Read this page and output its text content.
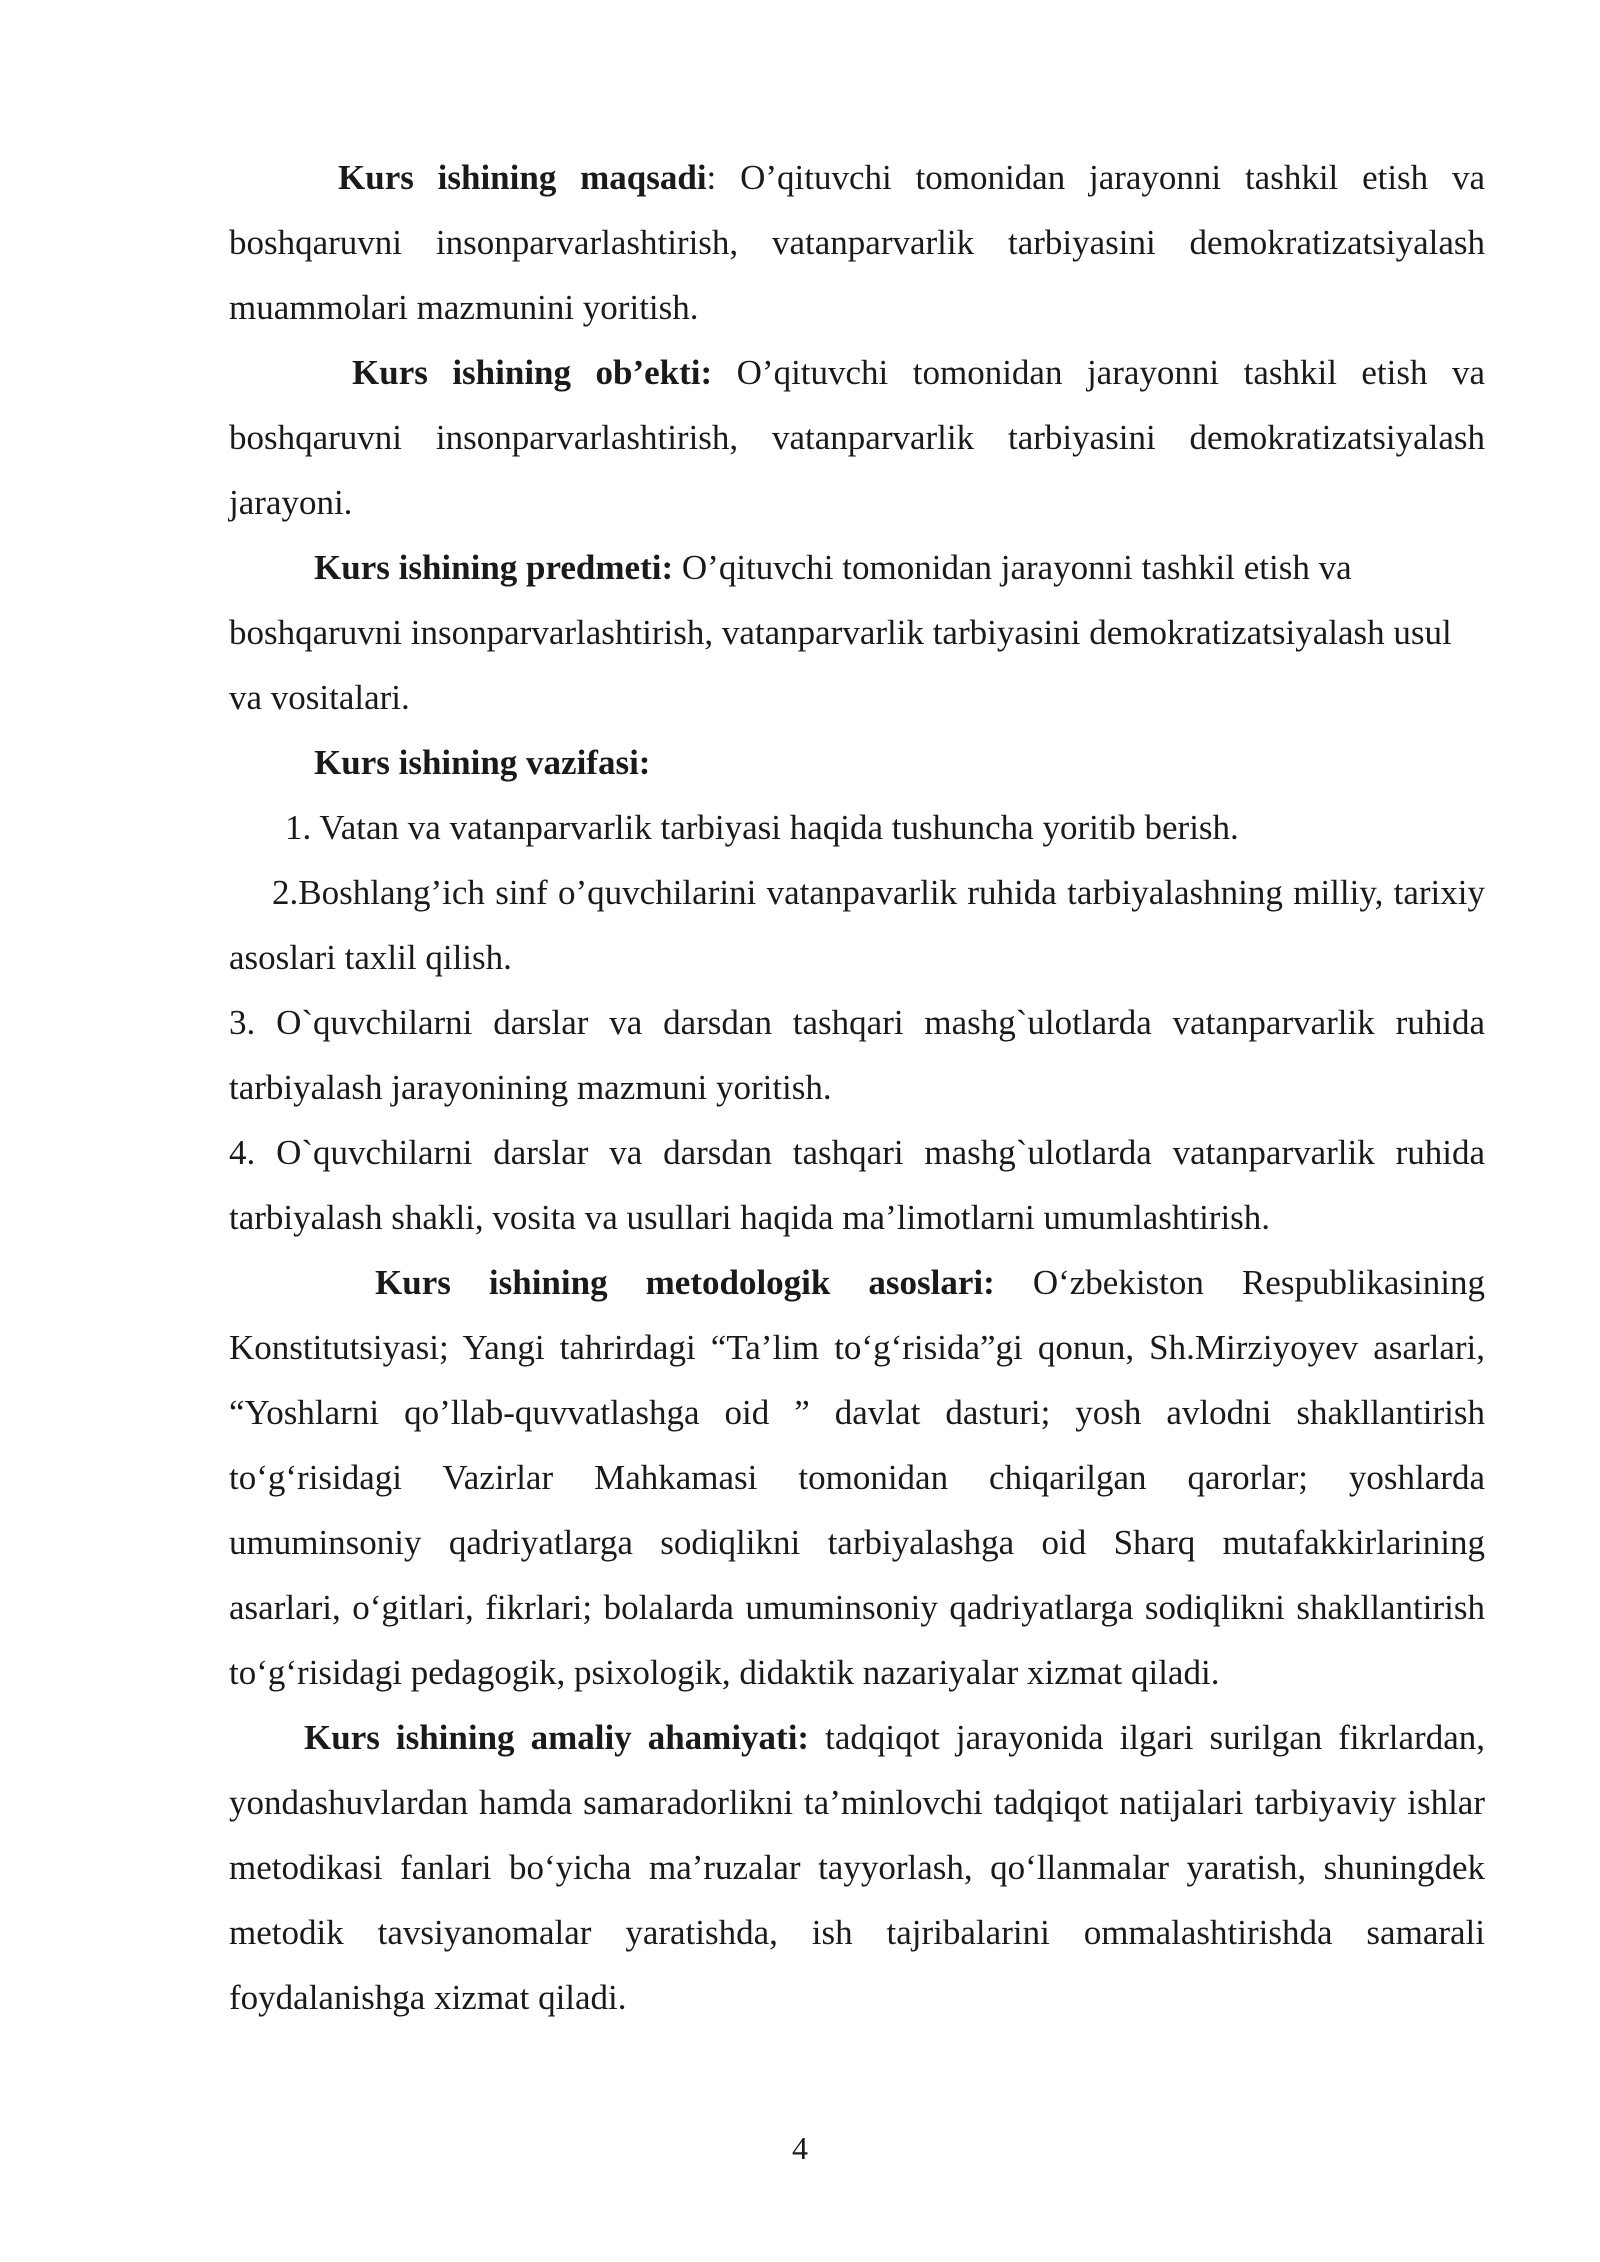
Kurs ishining maqsadi: O’qituvchi tomonidan jarayonni tashkil etish va boshqaruvni insonparvarlashtirish, vatanparvarlik tarbiyasini demokratizatsiyalash muammolari mazmunini yoritish.

Kurs ishining ob’ekti: O’qituvchi tomonidan jarayonni tashkil etish va boshqaruvni insonparvarlashtirish, vatanparvarlik tarbiyasini demokratizatsiyalash jarayoni.

Kurs ishining predmeti: O’qituvchi tomonidan jarayonni tashkil etish va boshqaruvni insonparvarlashtirish, vatanparvarlik tarbiyasini demokratizatsiyalash usul va vositalari.

Kurs ishining vazifasi:

1. Vatan va vatanparvarlik tarbiyasi haqida tushuncha yoritib berish.

2.Boshlang’ich sinf o’quvchilarini vatanpavarlik ruhida tarbiyalashning milliy, tarixiy asoslari taxlil qilish.

3. O`quvchilarni darslar va darsdan tashqari mashg`ulotlarda vatanparvarlik ruhida tarbiyalash jarayonining mazmuni yoritish.

4. O`quvchilarni darslar va darsdan tashqari mashg`ulotlarda vatanparvarlik ruhida tarbiyalash shakli, vosita va usullari haqida ma’limotlarni umumlashtirish.

Kurs ishining metodologik asoslari: O‘zbekiston Respublikasining Konstitutsiyasi; Yangi tahrirdagi “Ta’lim to‘g‘risida”gi qonun, Sh.Mirziyoyev asarlari, “Yoshlarni qo’llab-quvvatlashga oid ” davlat dasturi; yosh avlodni shakllantirish to‘g‘risidagi Vazirlar Mahkamasi tomonidan chiqarilgan qarorlar; yoshlarda umuminsoniy qadriyatlarga sodiqlikni tarbiyalashga oid Sharq mutafakkirlarining asarlari, o‘gitlari, fikrlari; bolalarda umuminsoniy qadriyatlarga sodiqlikni shakllantirish to‘g‘risidagi pedagogik, psixologik, didaktik nazariyalar xizmat qiladi.

Kurs ishining amaliy ahamiyati: tadqiqot jarayonida ilgari surilgan fikrlardan, yondashuvlardan hamda samaradorlikni ta’minlovchi tadqiqot natijalari tarbiyaviy ishlar metodikasi fanlari bo‘yicha ma’ruzalar tayyorlash, qo‘llanmalar yaratish, shuningdek metodik tavsiyanomalar yaratishda, ish tajribalarini ommalashtirishda samarali foydalanishga xizmat qiladi.

4
